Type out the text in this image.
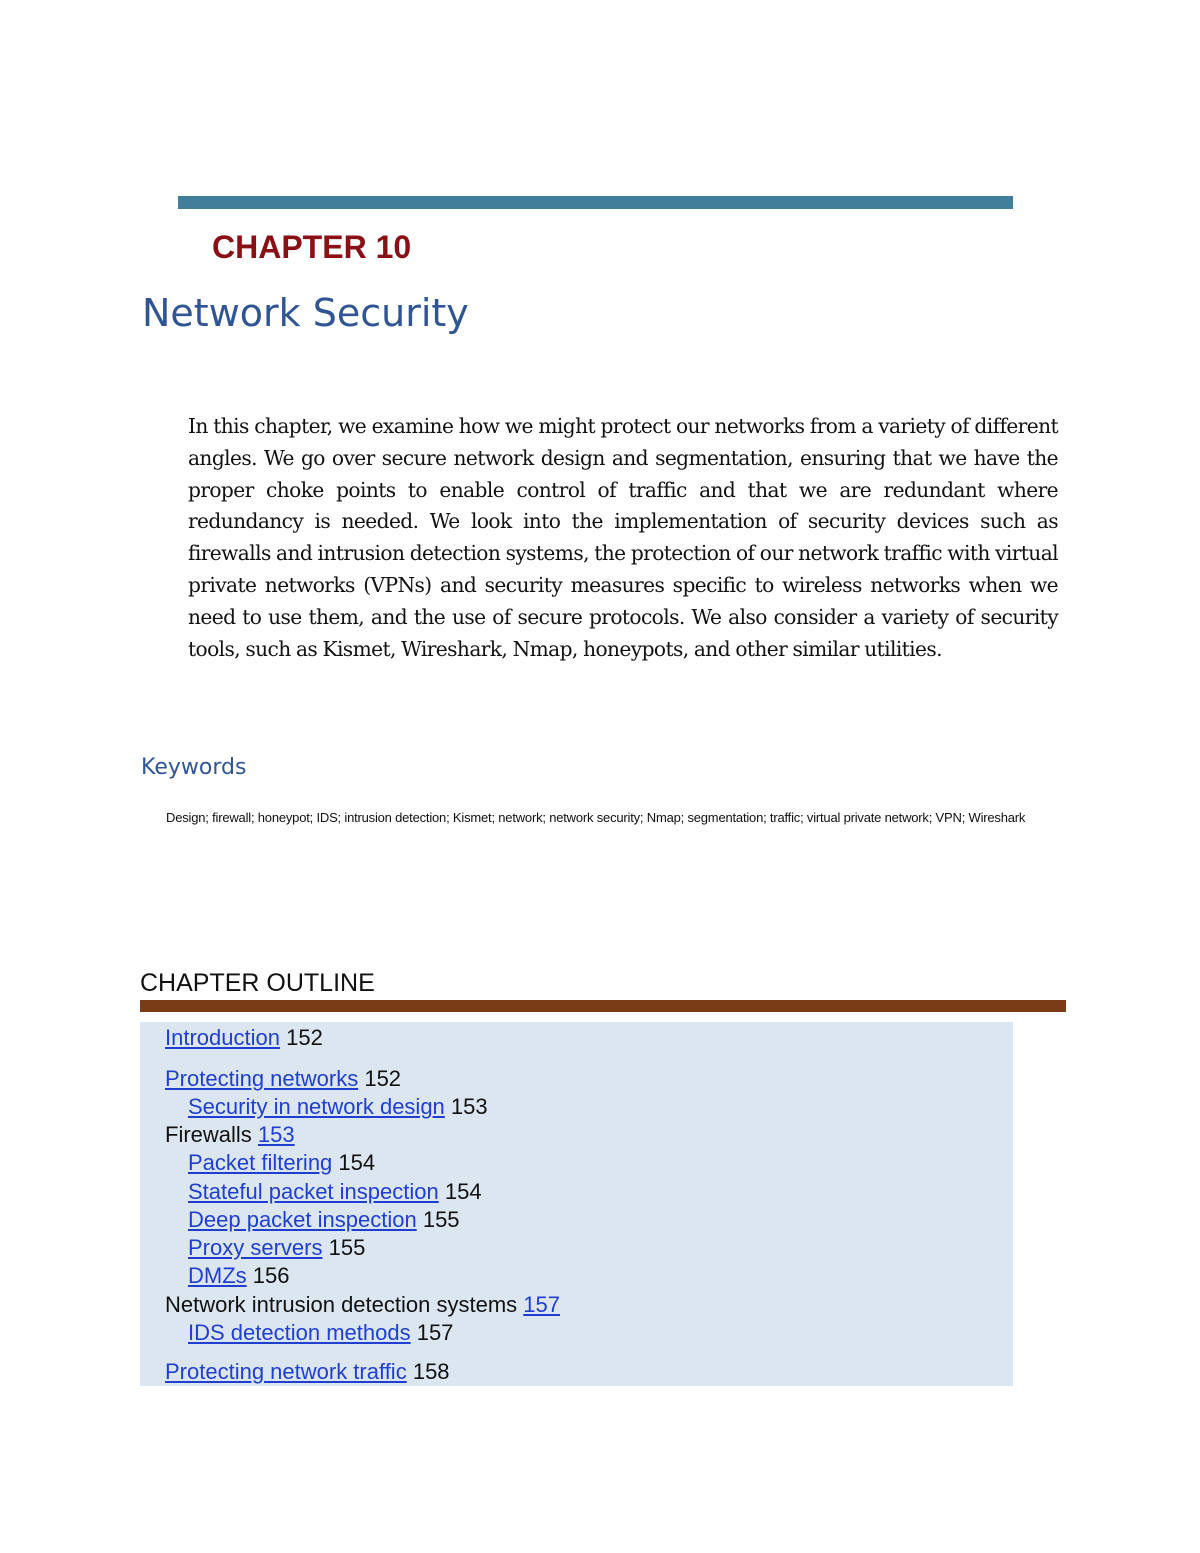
CHAPTER 10
Network Security

In this chapter, we examine how we might protect our networks from a variety of different angles. We go over secure network design and segmentation, ensuring that we have the proper choke points to enable control of traffic and that we are redundant where redundancy is needed. We look into the implementation of security devices such as firewalls and intrusion detection systems, the protection of our network traffic with virtual private networks (VPNs) and security measures specific to wireless networks when we need to use them, and the use of secure protocols. We also consider a variety of security tools, such as Kismet, Wireshark, Nmap, honeypots, and other similar utilities.

Keywords

Design; firewall; honeypot; IDS; intrusion detection; Kismet; network; network security; Nmap; segmentation; traffic; virtual private network; VPN; Wireshark

CHAPTER OUTLINE

Introduction 152

Protecting networks 152

Security in network design 153

Firewalls 153

Packet filtering 154

Stateful packet inspection 154

Deep packet inspection 155

Proxy servers 155

DMZs 156

Network intrusion detection systems 157

IDS detection methods 157

Protecting network traffic 158
